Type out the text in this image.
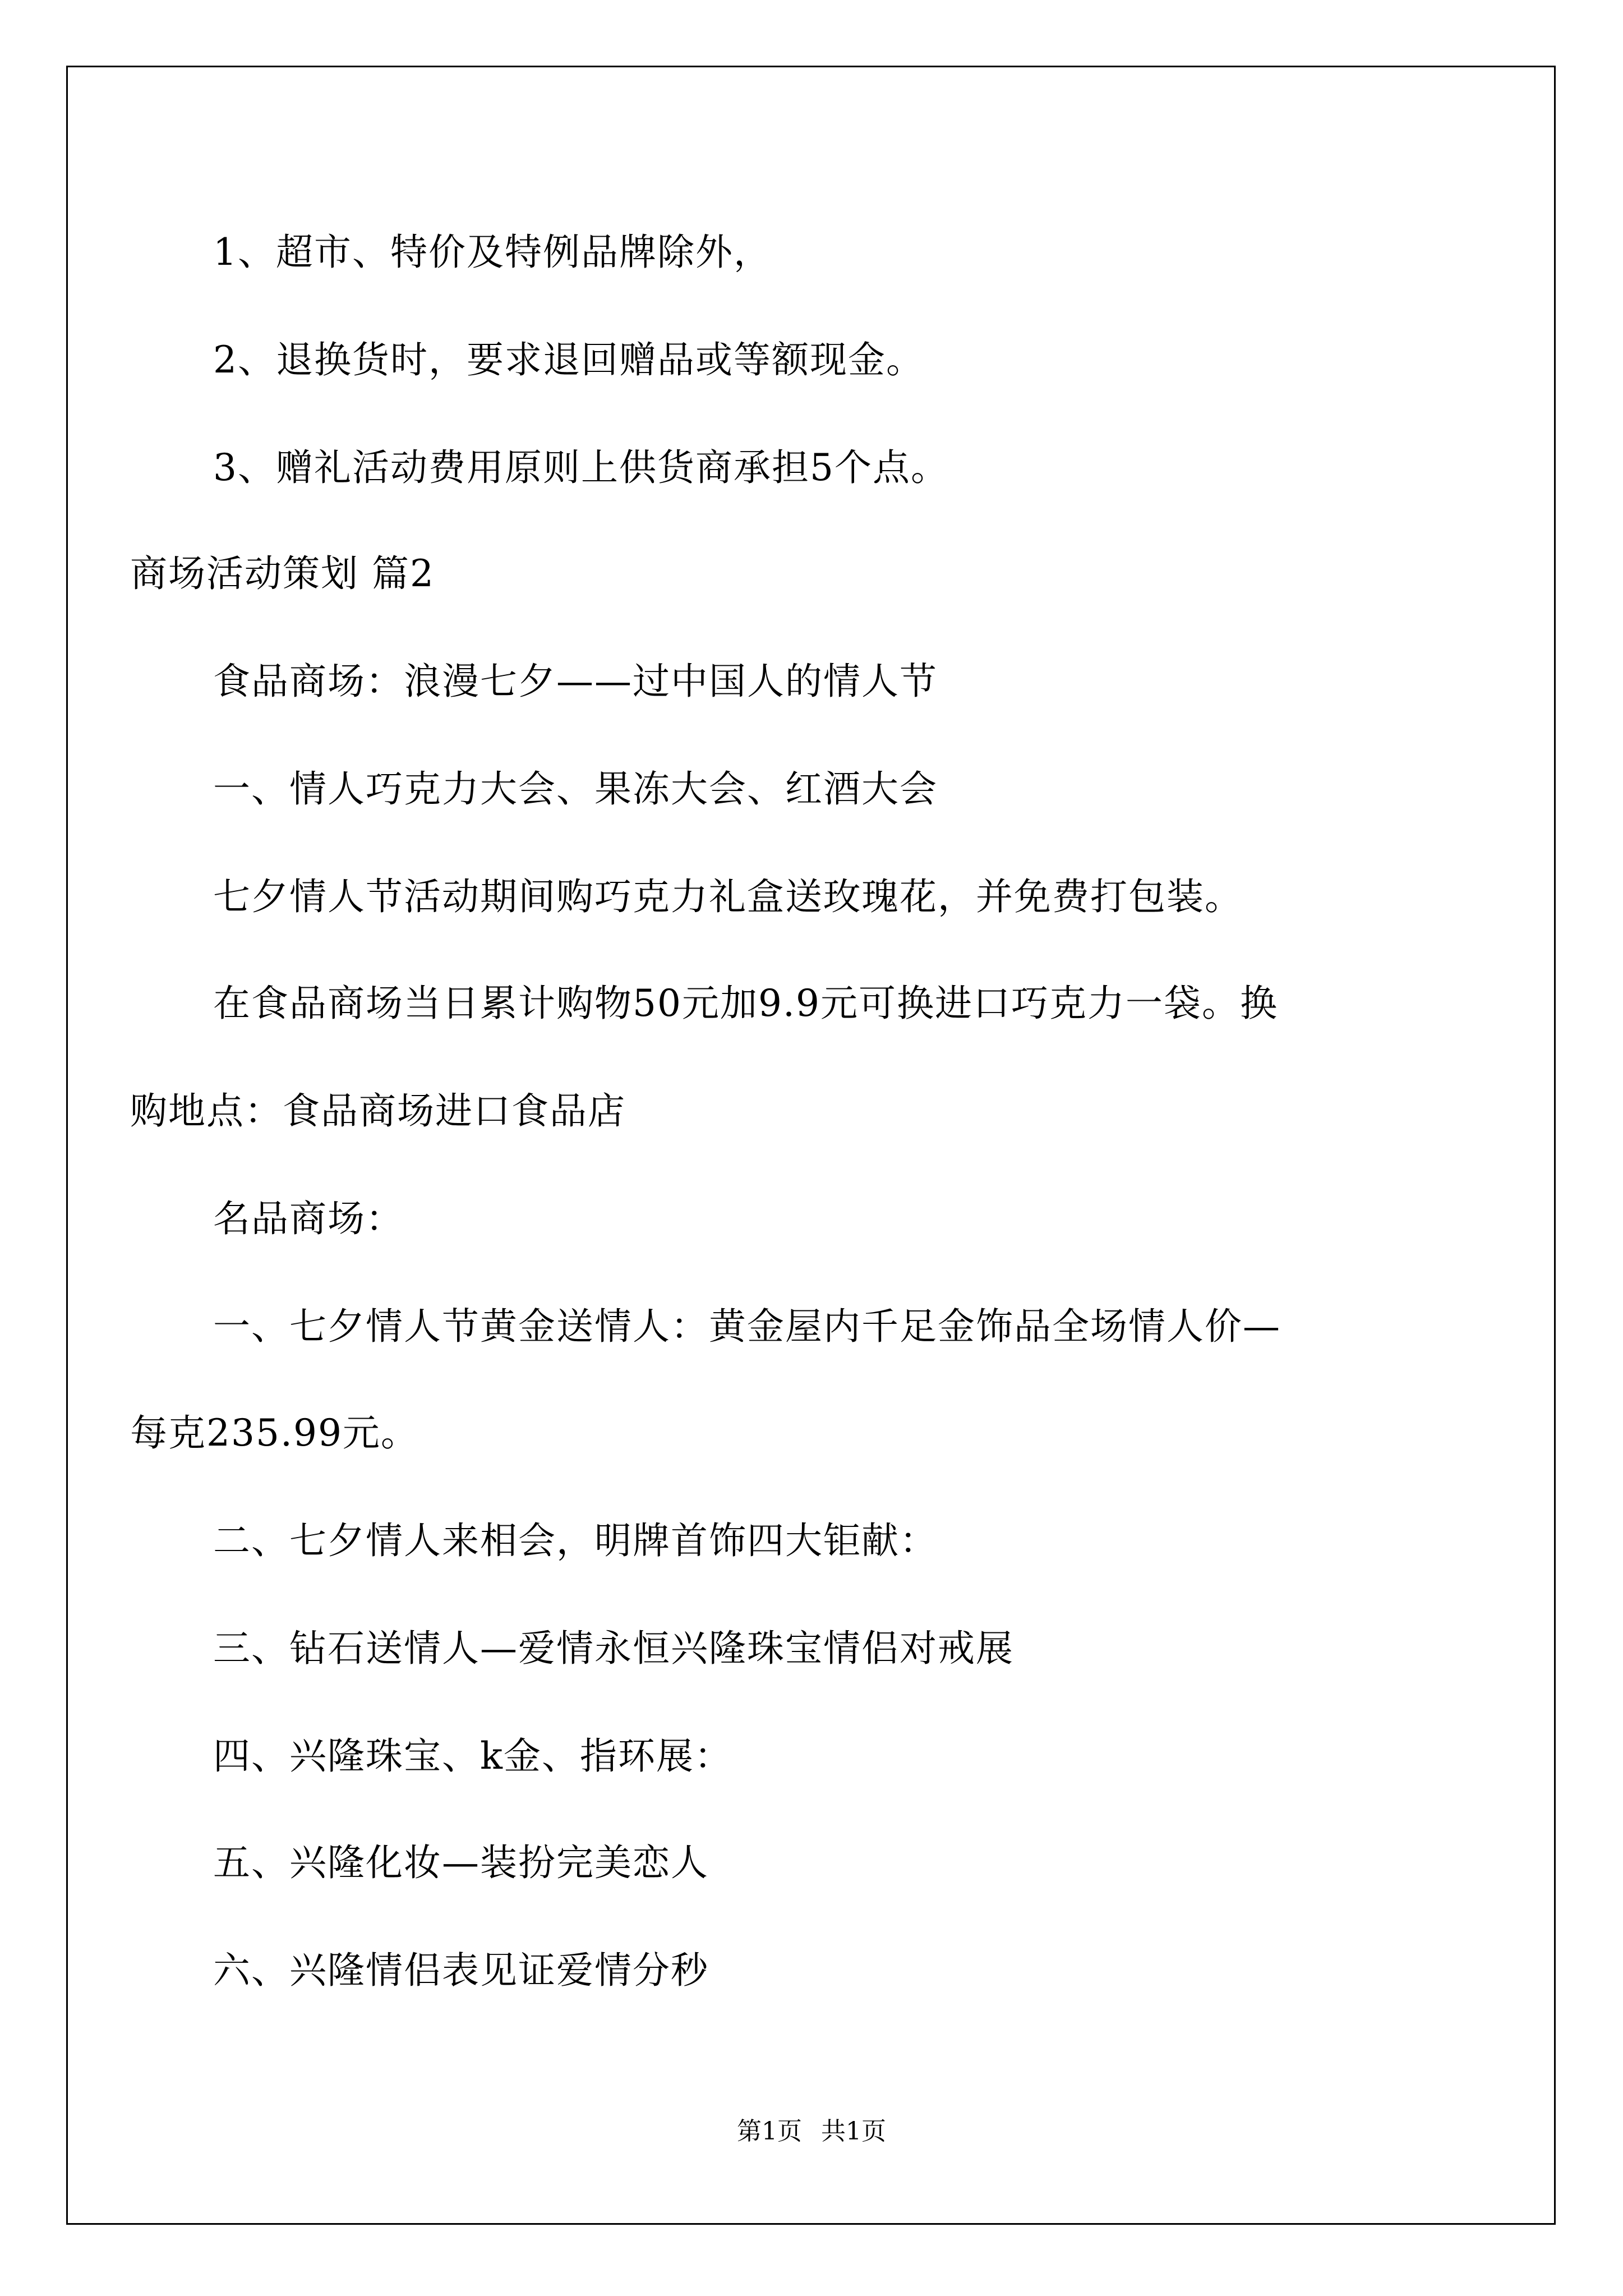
1、超市、特价及特例品牌除外，
2、退换货时，要求退回赠品或等额现金。
3、赠礼活动费用原则上供货商承担5个点。
商场活动策划 篇2
食品商场：浪漫七夕——过中国人的情人节
一、情人巧克力大会、果冻大会、红酒大会
七夕情人节活动期间购巧克力礼盒送玫瑰花，并免费打包装。
在食品商场当日累计购物50元加9.9元可换进口巧克力一袋。换
购地点：食品商场进口食品店
名品商场：
一、七夕情人节黄金送情人：黄金屋内千足金饰品全场情人价—
每克235.99元。
二、七夕情人来相会，明牌首饰四大钜献：
三、钻石送情人—爱情永恒兴隆珠宝情侣对戒展
四、兴隆珠宝、k金、指环展：
五、兴隆化妆—装扮完美恋人
六、兴隆情侣表见证爱情分秒
第1页 共1页
